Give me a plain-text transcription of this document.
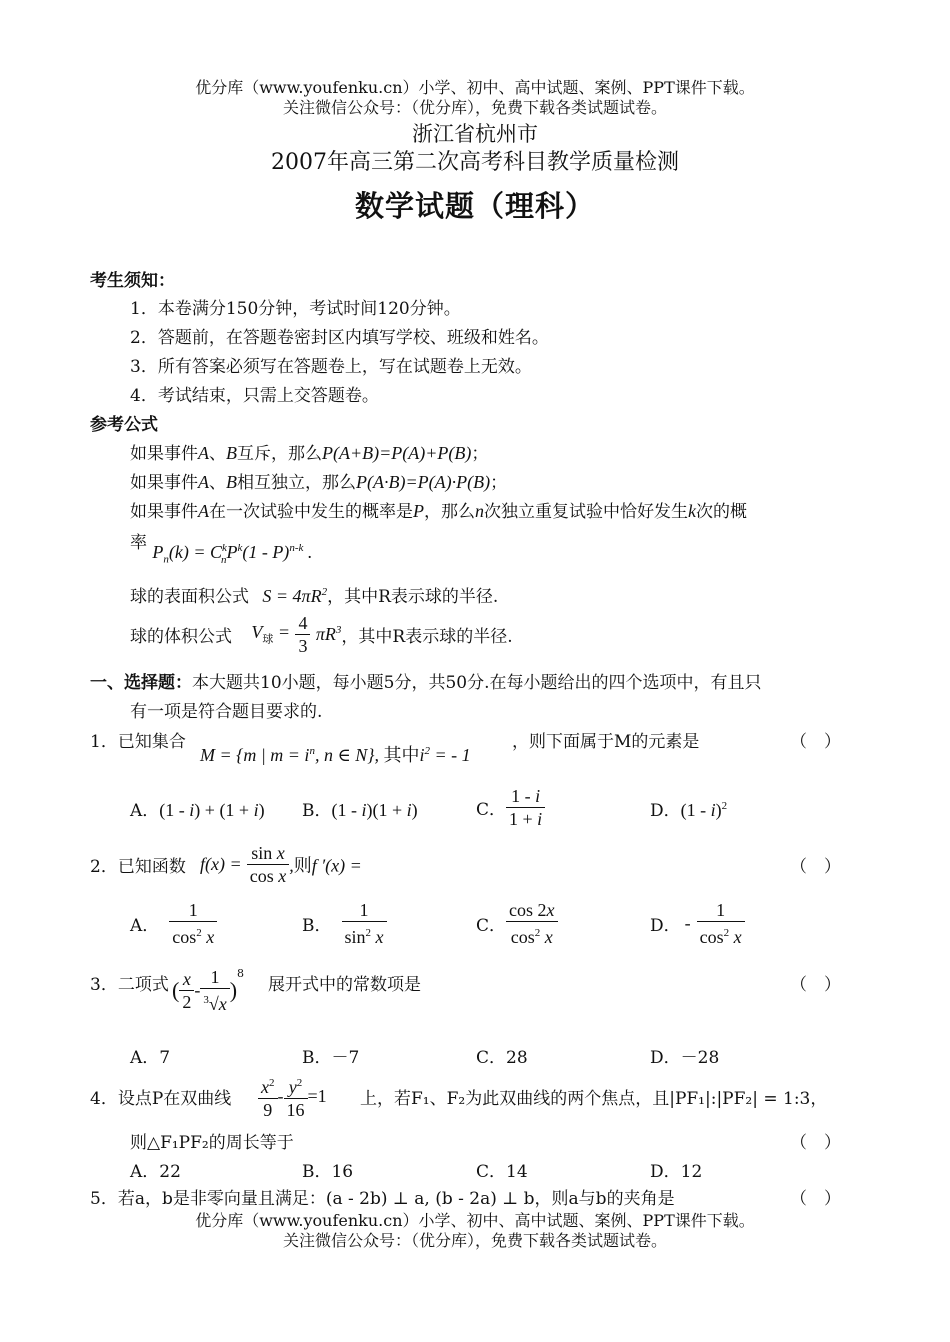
优分库（www.youfenku.cn）小学、初中、高中试题、案例、PPT课件下载。
关注微信公众号：（优分库），免费下载各类试题试卷。
浙江省杭州市
2007年高三第二次高考科目教学质量检测
数学试题（理科）
考生须知：
1．本卷满分150分钟，考试时间120分钟。
2．答题前，在答题卷密封区内填写学校、班级和姓名。
3．所有答案必须写在答题卷上，写在试题卷上无效。
4．考试结束，只需上交答题卷。
参考公式
如果事件A、B互斥，那么P(A+B)=P(A)+P(B)；
如果事件A、B相互独立，那么P(A·B)=P(A)·P(B)；
如果事件A在一次试验中发生的概率是P，那么n次独立重复试验中恰好发生k次的概
率 $P_n(k) = C^k_nP^k(1 - P)^{n-k}$ .
球的表面积公式 $S = 4\pi R^2$，其中R表示球的半径.
球的体积公式 $V_球 = \frac{4}{3} \pi R^3$，其中R表示球的半径.
一、选择题：本大题共10小题，每小题5分，共50分.在每小题给出的四个选项中，有且只
有一项是符合题目要求的.
1．已知集合
M = {m | $m = i^n$, n ∈ N}, 其中$i^2$ = - 1
，则下面属于M的元素是	（　）
A．(1 - i) + (1 + i) B．(1 - i)(1 + i)	C． $\frac{1 - i}{1 + i}$	D．(1 - i)$^2$
2．已知函数 $f(x) = \frac{\text{sin x}}{\text{cos x}}$ ,则f ′(x) =	（　）
A． $\frac{1}{\cos^2 x}$	B． $\frac{1}{\sin^2 x}$	C． $\frac{\cos 2x}{\cos^2 x}$	D． - $\frac{1}{\cos^2 x}$
3．二项式 ( $\frac{x}{2} - \frac{1}{^3√x} )^8$
展开式中的常数项是	（　）
A．7	B．－7	C．28	D．－28
4．设点P在双曲线 $\frac{x^2}{9} - \frac{y^2}{16} =1$ 上，若F₁、F₂为此双曲线的两个焦点，且|PF₁|:|PF₂| = 1:3，
则△F₁PF₂的周长等于	（　）
A．22	B．16	C．14	D．12
5．若a，b是非零向量且满足：(a - 2b) ⊥ a, (b - 2a) ⊥ b，则a与b的夹角是	（　）
优分库（www.youfenku.cn）小学、初中、高中试题、案例、PPT课件下载。
关注微信公众号：（优分库），免费下载各类试题试卷。
